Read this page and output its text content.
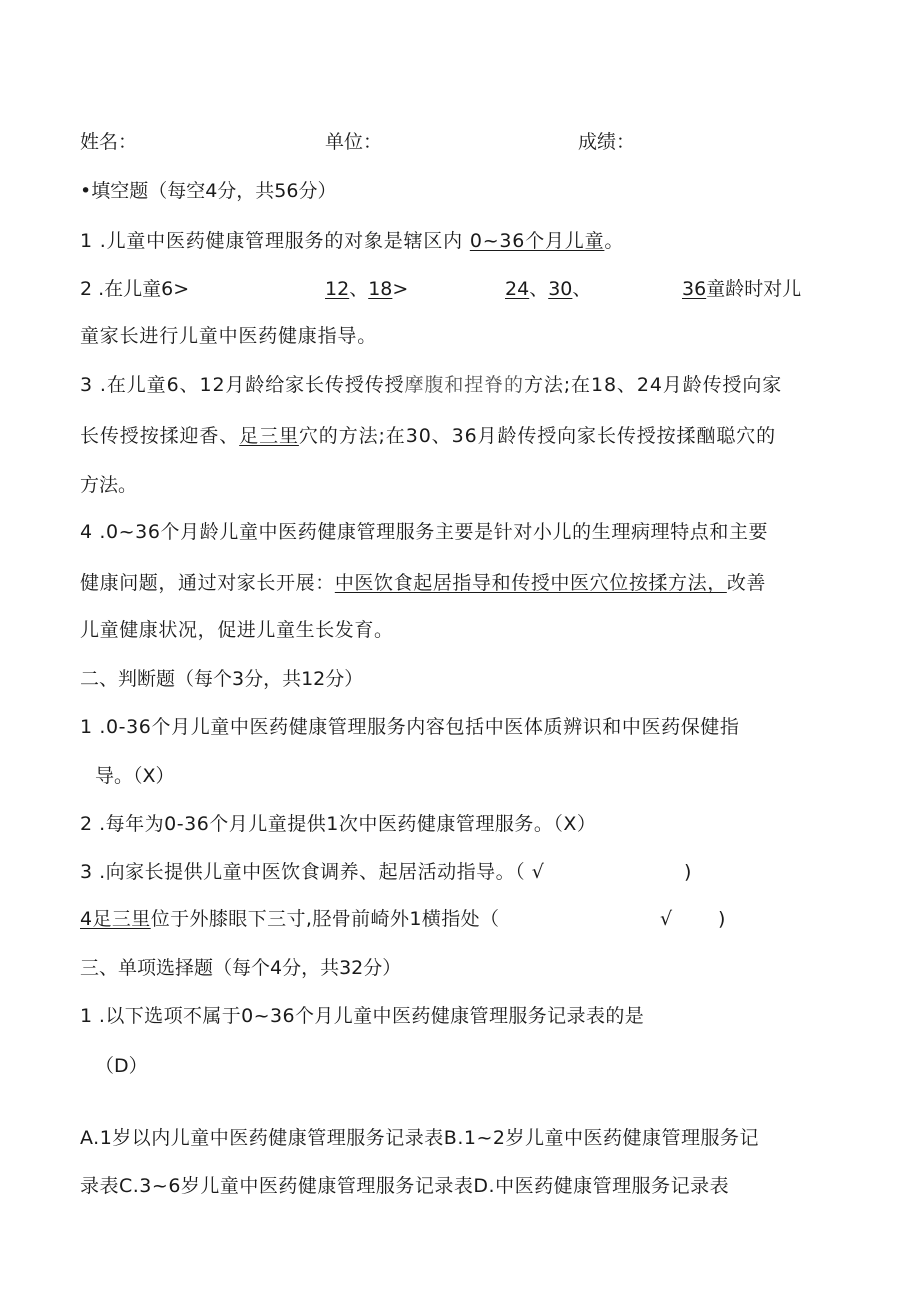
姓名：	单位：	成绩：
•填空题（每空4分，共56分）
1 .儿童中医药健康管理服务的对象是辖区内 0~36个月儿童。
2 .在儿童6>	12、18>	24、30、	36童龄时对儿
童家长进行儿童中医药健康指导。
3 .在儿童6、12月龄给家长传授传授摩腹和捏脊的方法;在18、24月龄传授向家
长传授按揉迎香、足三里穴的方法;在30、36月龄传授向家长传授按揉酗聪穴的
方法。
4 .0~36个月龄儿童中医药健康管理服务主要是针对小儿的生理病理特点和主要
健康问题，通过对家长开展：中医饮食起居指导和传授中医穴位按揉方法，改善
儿童健康状况，促进儿童生长发育。
二、判断题（每个3分，共12分）
1 .0-36个月儿童中医药健康管理服务内容包括中医体质辨识和中医药保健指
导。（X）
2 .每年为0-36个月儿童提供1次中医药健康管理服务。（X）
3 .向家长提供儿童中医饮食调养、起居活动指导。（ √	)
4足三里位于外膝眼下三寸,胫骨前崎外1横指处（	√ )
三、单项选择题（每个4分，共32分）
1 .以下选项不属于0~36个月儿童中医药健康管理服务记录表的是
（D）
A.1岁以内儿童中医药健康管理服务记录表B.1~2岁儿童中医药健康管理服务记
录表C.3~6岁儿童中医药健康管理服务记录表D.中医药健康管理服务记录表
